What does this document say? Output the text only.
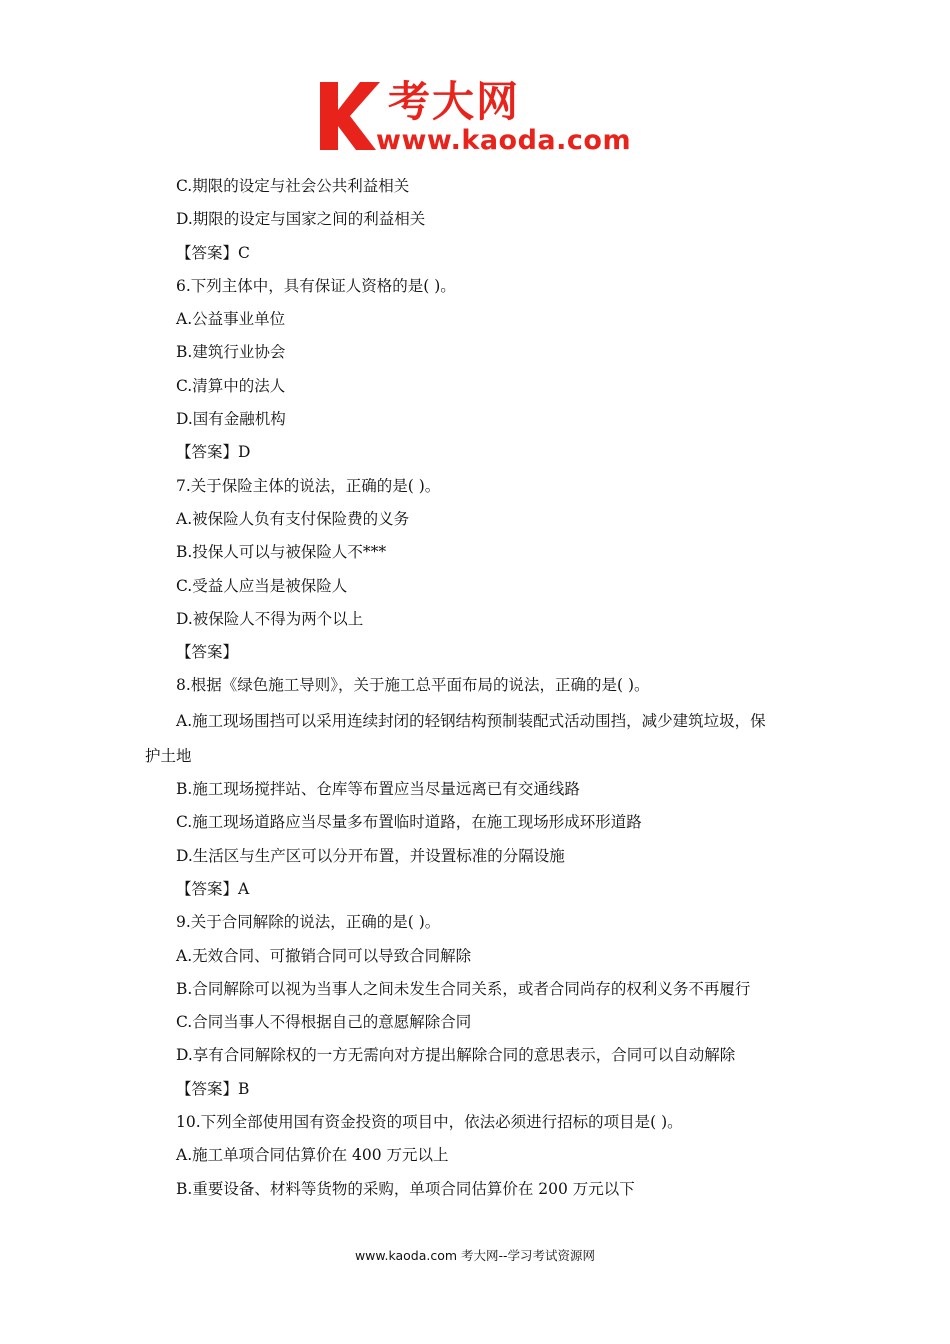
考大网
www.kaoda.com
C.期限的设定与社会公共利益相关
D.期限的设定与国家之间的利益相关
【答案】C
6.下列主体中，具有保证人资格的是( )。
A.公益事业单位
B.建筑行业协会
C.清算中的法人
D.国有金融机构
【答案】D
7.关于保险主体的说法，正确的是( )。
A.被保险人负有支付保险费的义务
B.投保人可以与被保险人不***
C.受益人应当是被保险人
D.被保险人不得为两个以上
【答案】
8.根据《绿色施工导则》，关于施工总平面布局的说法，正确的是( )。
A.施工现场围挡可以采用连续封闭的轻钢结构预制装配式活动围挡，减少建筑垃圾，保
护土地
B.施工现场搅拌站、仓库等布置应当尽量远离已有交通线路
C.施工现场道路应当尽量多布置临时道路，在施工现场形成环形道路
D.生活区与生产区可以分开布置，并设置标准的分隔设施
【答案】A
9.关于合同解除的说法，正确的是( )。
A.无效合同、可撤销合同可以导致合同解除
B.合同解除可以视为当事人之间未发生合同关系，或者合同尚存的权利义务不再履行
C.合同当事人不得根据自己的意愿解除合同
D.享有合同解除权的一方无需向对方提出解除合同的意思表示，合同可以自动解除
【答案】B
10.下列全部使用国有资金投资的项目中，依法必须进行招标的项目是( )。
A.施工单项合同估算价在 400 万元以上
B.重要设备、材料等货物的采购，单项合同估算价在 200 万元以下
www.kaoda.com 考大网--学习考试资源网
